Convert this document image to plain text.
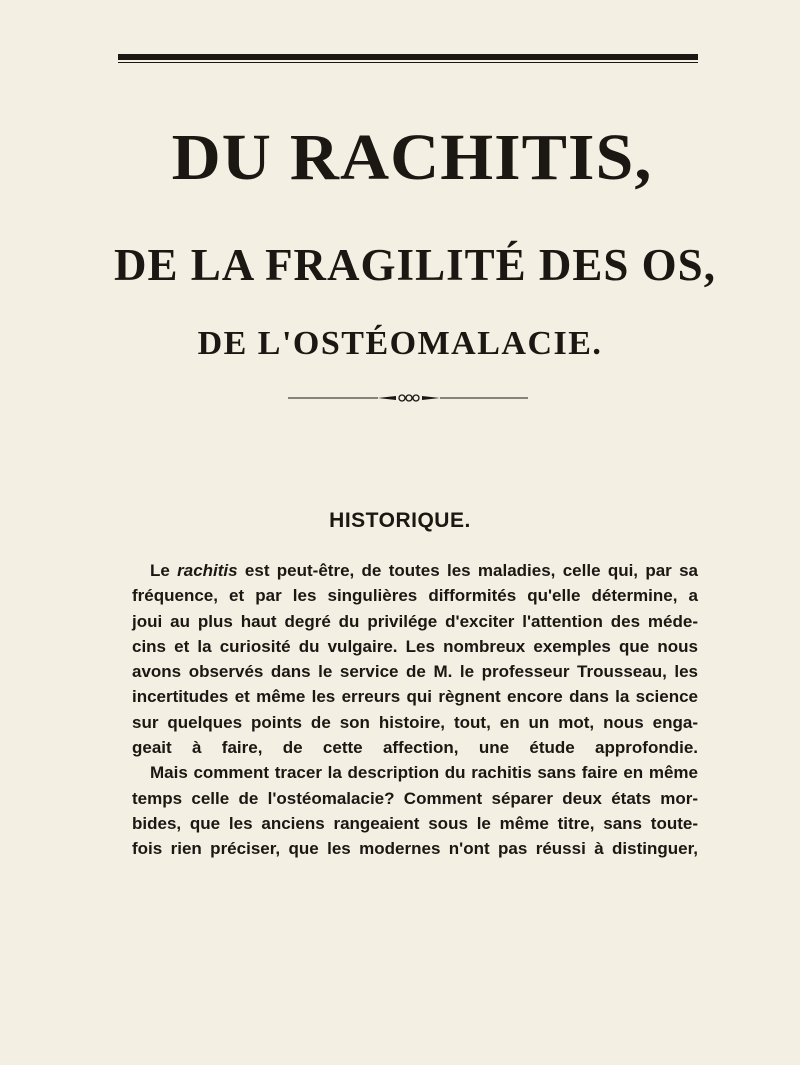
DU RACHITIS,
DE LA FRAGILITÉ DES OS,
DE L'OSTÉOMALACIE.
HISTORIQUE.
Le rachitis est peut-être, de toutes les maladies, celle qui, par sa
fréquence, et par les singulières difformités qu'elle détermine, a
joui au plus haut degré du privilége d'exciter l'attention des méde-
cins et la curiosité du vulgaire. Les nombreux exemples que nous
avons observés dans le service de M. le professeur Trousseau, les
incertitudes et même les erreurs qui règnent encore dans la science
sur quelques points de son histoire, tout, en un mot, nous enga-
geait à faire, de cette affection, une étude approfondie.
Mais comment tracer la description du rachitis sans faire en même
temps celle de l'ostéomalacie? Comment séparer deux états mor-
bides, que les anciens rangeaient sous le même titre, sans toute-
fois rien préciser, que les modernes n'ont pas réussi à distinguer,
